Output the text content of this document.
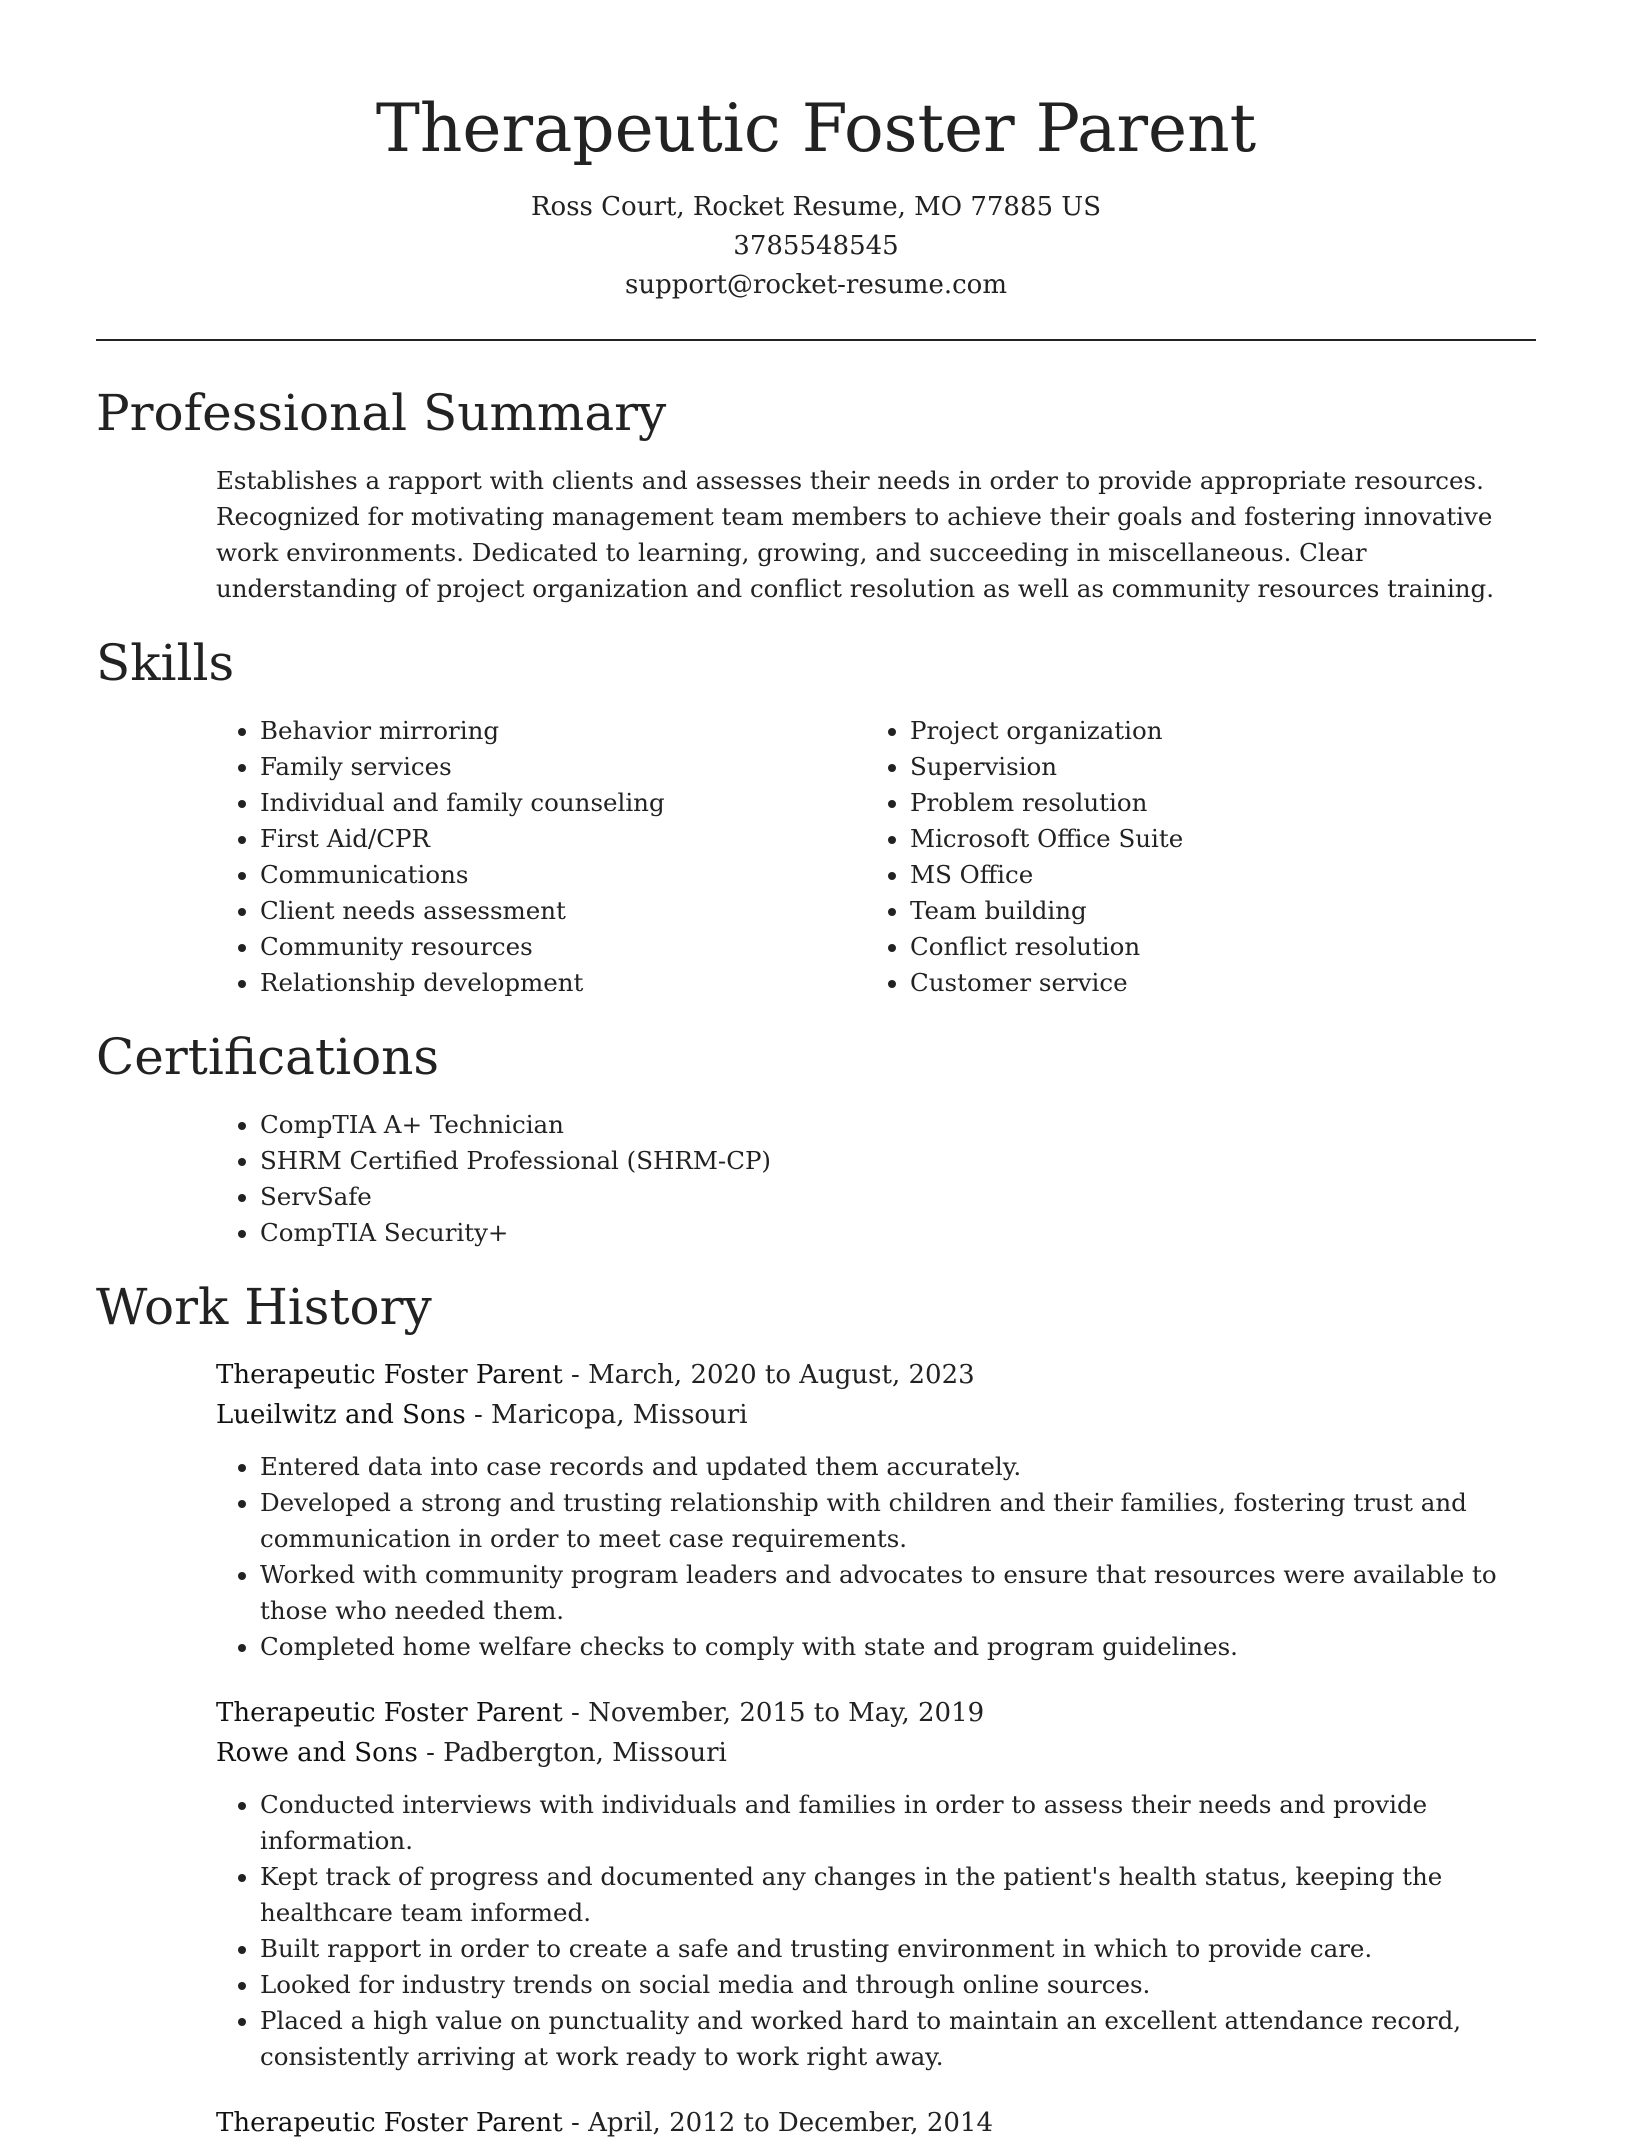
Therapeutic Foster Parent

Ross Court, Rocket Resume, MO 77885 US

3785548545

support@rocket-resume.com

Professional Summary

Establishes a rapport with clients and assesses their needs in order to provide appropriate resources. Recognized for motivating management team members to achieve their goals and fostering innovative work environments. Dedicated to learning, growing, and succeeding in miscellaneous. Clear understanding of project organization and conflict resolution as well as community resources training.

Skills
• Behavior mirroring
• Family services
• Individual and family counseling
• First Aid/CPR
• Communications
• Client needs assessment
• Community resources
• Relationship development
• Project organization
• Supervision
• Problem resolution
• Microsoft Office Suite
• MS Office
• Team building
• Conflict resolution
• Customer service
Certifications
• CompTIA A+ Technician
• SHRM Certified Professional (SHRM-CP)
• ServSafe
• CompTIA Security+
Work History

Therapeutic Foster Parent - March, 2020 to August, 2023

Lueilwitz and Sons - Maricopa, Missouri

• Entered data into case records and updated them accurately.
• Developed a strong and trusting relationship with children and their families, fostering trust and communication in order to meet case requirements.
• Worked with community program leaders and advocates to ensure that resources were available to those who needed them.
• Completed home welfare checks to comply with state and program guidelines.

Therapeutic Foster Parent - November, 2015 to May, 2019

Rowe and Sons - Padbergton, Missouri

• Conducted interviews with individuals and families in order to assess their needs and provide information.
• Kept track of progress and documented any changes in the patient's health status, keeping the healthcare team informed.
• Built rapport in order to create a safe and trusting environment in which to provide care.
• Looked for industry trends on social media and through online sources.
• Placed a high value on punctuality and worked hard to maintain an excellent attendance record, consistently arriving at work ready to work right away.

Therapeutic Foster Parent - April, 2012 to December, 2014
